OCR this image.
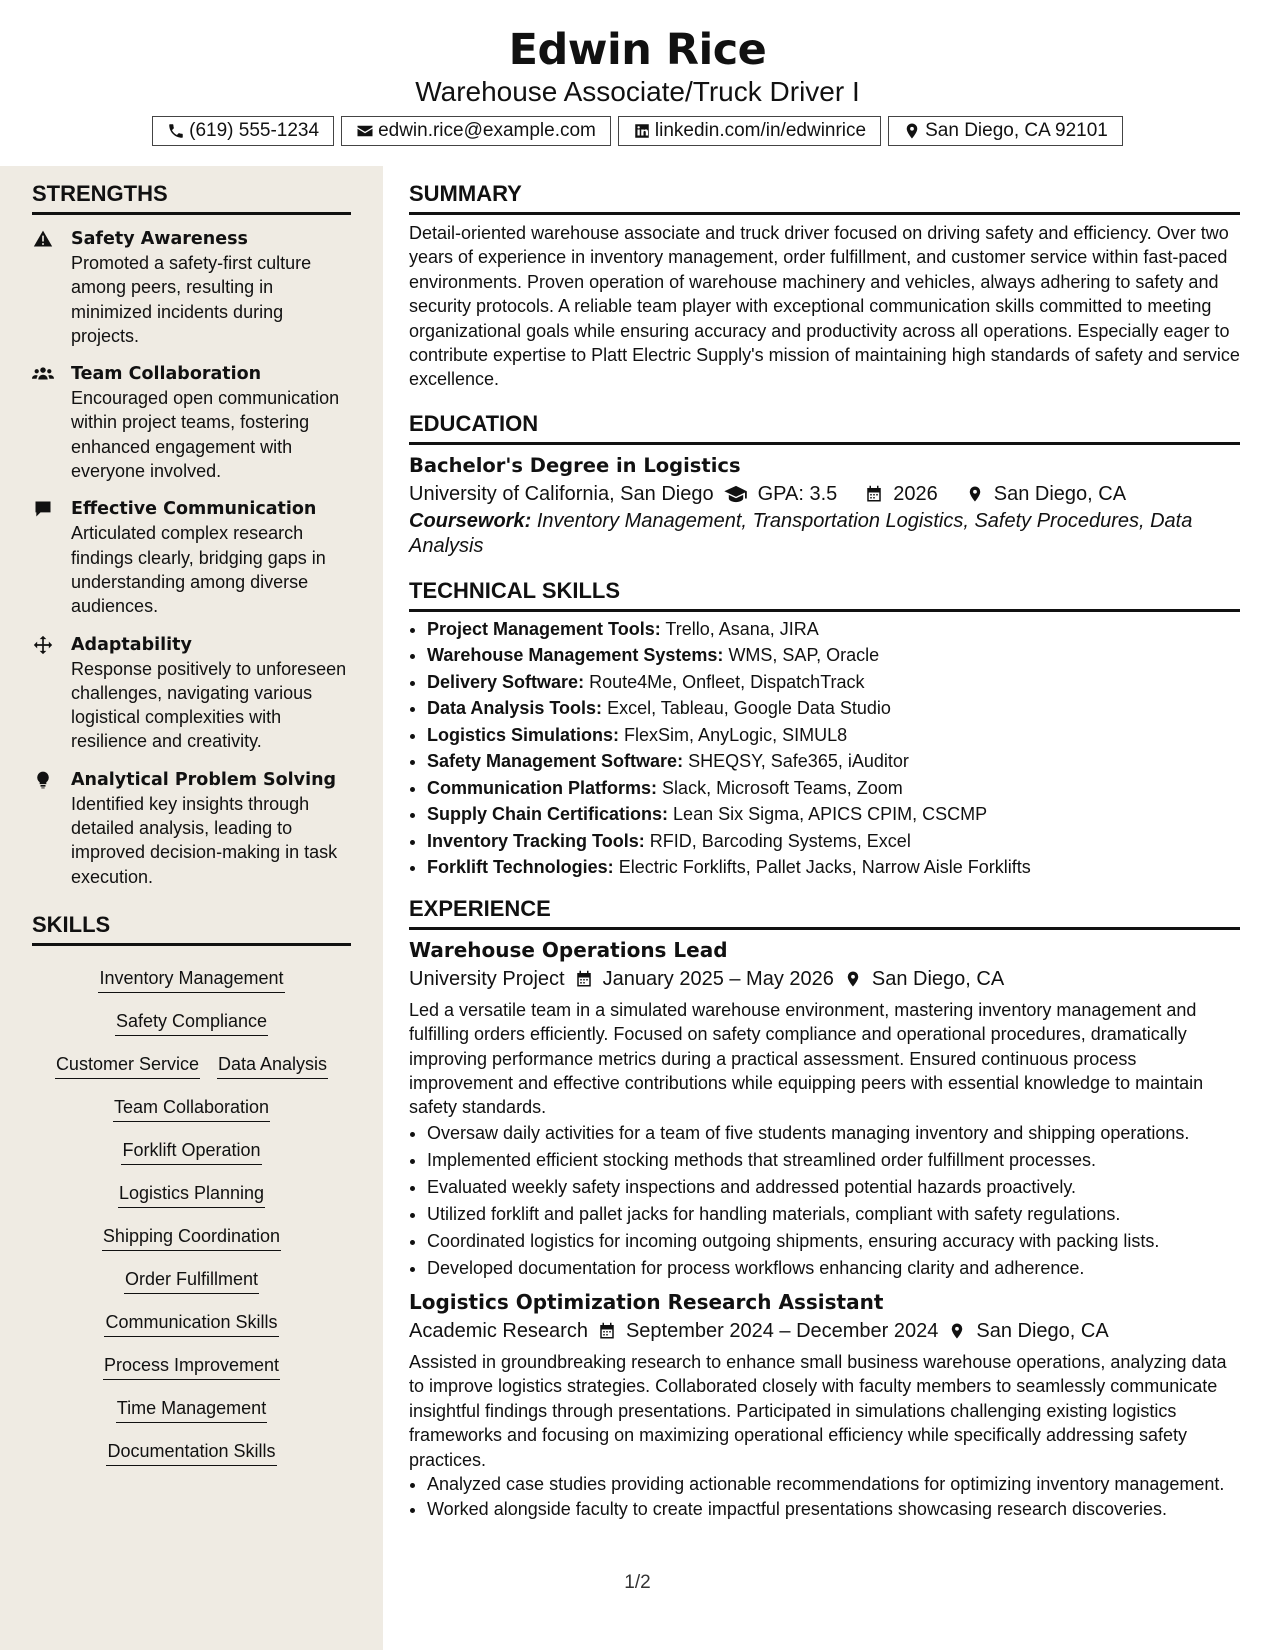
Edwin Rice
Warehouse Associate/Truck Driver I
(619) 555-1234	edwin.rice@example.com	linkedin.com/in/edwinrice	San Diego, CA 92101
STRENGTHS
Safety Awareness
Promoted a safety-first culture among peers, resulting in minimized incidents during projects.
Team Collaboration
Encouraged open communication within project teams, fostering enhanced engagement with everyone involved.
Effective Communication
Articulated complex research findings clearly, bridging gaps in understanding among diverse audiences.
Adaptability
Response positively to unforeseen challenges, navigating various logistical complexities with resilience and creativity.
Analytical Problem Solving
Identified key insights through detailed analysis, leading to improved decision-making in task execution.
SKILLS
Inventory Management
Safety Compliance
Customer Service Data Analysis
Team Collaboration
Forklift Operation
Logistics Planning
Shipping Coordination
Order Fulfillment
Communication Skills
Process Improvement
Time Management
Documentation Skills
SUMMARY
Detail-oriented warehouse associate and truck driver focused on driving safety and efficiency. Over two years of experience in inventory management, order fulfillment, and customer service within fast-paced environments. Proven operation of warehouse machinery and vehicles, always adhering to safety and security protocols. A reliable team player with exceptional communication skills committed to meeting organizational goals while ensuring accuracy and productivity across all operations. Especially eager to contribute expertise to Platt Electric Supply's mission of maintaining high standards of safety and service excellence.
EDUCATION
Bachelor's Degree in Logistics
University of California, San Diego GPA: 3.5	2026	San Diego, CA
Coursework: Inventory Management, Transportation Logistics, Safety Procedures, Data Analysis
TECHNICAL SKILLS
• Project Management Tools: Trello, Asana, JIRA
• Warehouse Management Systems: WMS, SAP, Oracle
• Delivery Software: Route4Me, Onfleet, DispatchTrack
• Data Analysis Tools: Excel, Tableau, Google Data Studio
• Logistics Simulations: FlexSim, AnyLogic, SIMUL8
• Safety Management Software: SHEQSY, Safe365, iAuditor
• Communication Platforms: Slack, Microsoft Teams, Zoom
• Supply Chain Certifications: Lean Six Sigma, APICS CPIM, CSCMP
• Inventory Tracking Tools: RFID, Barcoding Systems, Excel
• Forklift Technologies: Electric Forklifts, Pallet Jacks, Narrow Aisle Forklifts
EXPERIENCE
Warehouse Operations Lead
University Project January 2025 – May 2026 San Diego, CA
Led a versatile team in a simulated warehouse environment, mastering inventory management and fulfilling orders efficiently. Focused on safety compliance and operational procedures, dramatically improving performance metrics during a practical assessment. Ensured continuous process improvement and effective contributions while equipping peers with essential knowledge to maintain safety standards.
• Oversaw daily activities for a team of five students managing inventory and shipping operations.
• Implemented efficient stocking methods that streamlined order fulfillment processes.
• Evaluated weekly safety inspections and addressed potential hazards proactively.
• Utilized forklift and pallet jacks for handling materials, compliant with safety regulations.
• Coordinated logistics for incoming outgoing shipments, ensuring accuracy with packing lists.
• Developed documentation for process workflows enhancing clarity and adherence.
Logistics Optimization Research Assistant
Academic Research September 2024 – December 2024 San Diego, CA
Assisted in groundbreaking research to enhance small business warehouse operations, analyzing data to improve logistics strategies. Collaborated closely with faculty members to seamlessly communicate insightful findings through presentations. Participated in simulations challenging existing logistics frameworks and focusing on maximizing operational efficiency while specifically addressing safety practices.
• Analyzed case studies providing actionable recommendations for optimizing inventory management.
• Worked alongside faculty to create impactful presentations showcasing research discoveries.
1/2
